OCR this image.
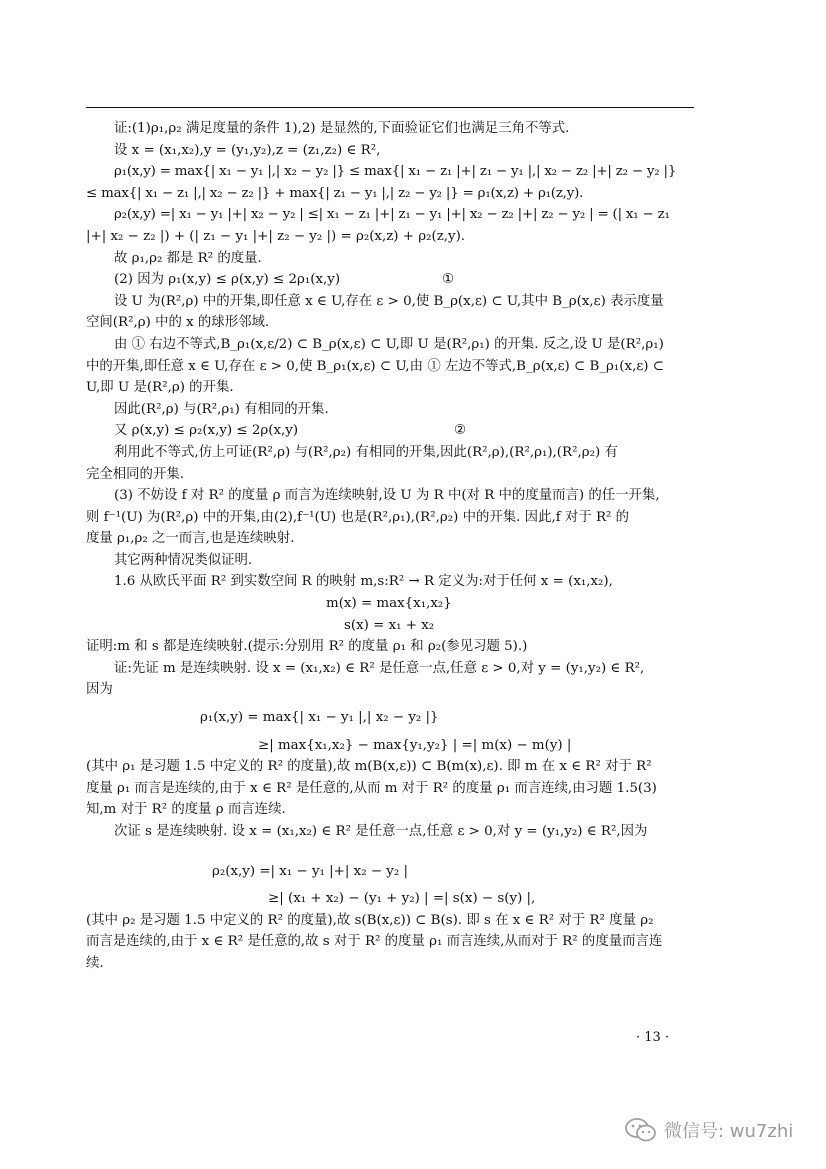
证:(1)ρ₁,ρ₂ 满足度量的条件 1),2) 是显然的,下面验证它们也满足三角不等式.

设 x = (x₁,x₂),y = (y₁,y₂),z = (z₁,z₂) ∈ R²,

ρ₁(x,y) = max{| x₁ − y₁ |,| x₂ − y₂ |} ≤ max{| x₁ − z₁ |+| z₁ − y₁ |,| x₂ − z₂ |+| z₂ − y₂ |}

≤ max{| x₁ − z₁ |,| x₂ − z₂ |} + max{| z₁ − y₁ |,| z₂ − y₂ |} = ρ₁(x,z) + ρ₁(z,y).

ρ₂(x,y) =| x₁ − y₁ |+| x₂ − y₂ | ≤| x₁ − z₁ |+| z₁ − y₁ |+| x₂ − z₂ |+| z₂ − y₂ | = (| x₁ − z₁

|+| x₂ − z₂ |) + (| z₁ − y₁ |+| z₂ − y₂ |) = ρ₂(x,z) + ρ₂(z,y).

故 ρ₁,ρ₂ 都是 R² 的度量.

(2) 因为 ρ₁(x,y) ≤ ρ(x,y) ≤ 2ρ₁(x,y)	①

设 U 为(R²,ρ) 中的开集,即任意 x ∈ U,存在 ε > 0,使 B_ρ(x,ε) ⊂ U,其中 B_ρ(x,ε) 表示度量

空间(R²,ρ) 中的 x 的球形邻域.

由 ① 右边不等式,B_ρ₁(x,ε/2) ⊂ B_ρ(x,ε) ⊂ U,即 U 是(R²,ρ₁) 的开集. 反之,设 U 是(R²,ρ₁)

中的开集,即任意 x ∈ U,存在 ε > 0,使 B_ρ₁(x,ε) ⊂ U,由 ① 左边不等式,B_ρ(x,ε) ⊂ B_ρ₁(x,ε) ⊂

U,即 U 是(R²,ρ) 的开集.

因此(R²,ρ) 与(R²,ρ₁) 有相同的开集.

又 ρ(x,y) ≤ ρ₂(x,y) ≤ 2ρ(x,y)	②

利用此不等式,仿上可证(R²,ρ) 与(R²,ρ₂) 有相同的开集,因此(R²,ρ),(R²,ρ₁),(R²,ρ₂) 有

完全相同的开集.

(3) 不妨设 f 对 R² 的度量 ρ 而言为连续映射,设 U 为 R 中(对 R 中的度量而言) 的任一开集,

则 f⁻¹(U) 为(R²,ρ) 中的开集,由(2),f⁻¹(U) 也是(R²,ρ₁),(R²,ρ₂) 中的开集. 因此,f 对于 R² 的

度量 ρ₁,ρ₂ 之一而言,也是连续映射.

其它两种情况类似证明.

1.6 从欧氏平面 R² 到实数空间 R 的映射 m,s:R² → R 定义为:对于任何 x = (x₁,x₂),

m(x) = max{x₁,x₂}

s(x) = x₁ + x₂

证明:m 和 s 都是连续映射.(提示:分别用 R² 的度量 ρ₁ 和 ρ₂(参见习题 5).)

证:先证 m 是连续映射. 设 x = (x₁,x₂) ∈ R² 是任意一点,任意 ε > 0,对 y = (y₁,y₂) ∈ R²,

因为

ρ₁(x,y) = max{| x₁ − y₁ |,| x₂ − y₂ |}

≥| max{x₁,x₂} − max{y₁,y₂} | =| m(x) − m(y) |

(其中 ρ₁ 是习题 1.5 中定义的 R² 的度量),故 m(B(x,ε)) ⊂ B(m(x),ε). 即 m 在 x ∈ R² 对于 R²

度量 ρ₁ 而言是连续的,由于 x ∈ R² 是任意的,从而 m 对于 R² 的度量 ρ₁ 而言连续,由习题 1.5(3)

知,m 对于 R² 的度量 ρ 而言连续.

次证 s 是连续映射. 设 x = (x₁,x₂) ∈ R² 是任意一点,任意 ε > 0,对 y = (y₁,y₂) ∈ R²,因为

ρ₂(x,y) =| x₁ − y₁ |+| x₂ − y₂ |

≥| (x₁ + x₂) − (y₁ + y₂) | =| s(x) − s(y) |,

(其中 ρ₂ 是习题 1.5 中定义的 R² 的度量),故 s(B(x,ε)) ⊂ B(s). 即 s 在 x ∈ R² 对于 R² 度量 ρ₂

而言是连续的,由于 x ∈ R² 是任意的,故 s 对于 R² 的度量 ρ₁ 而言连续,从而对于 R² 的度量而言连

续.

· 13 ·
微信号: wu7zhi
